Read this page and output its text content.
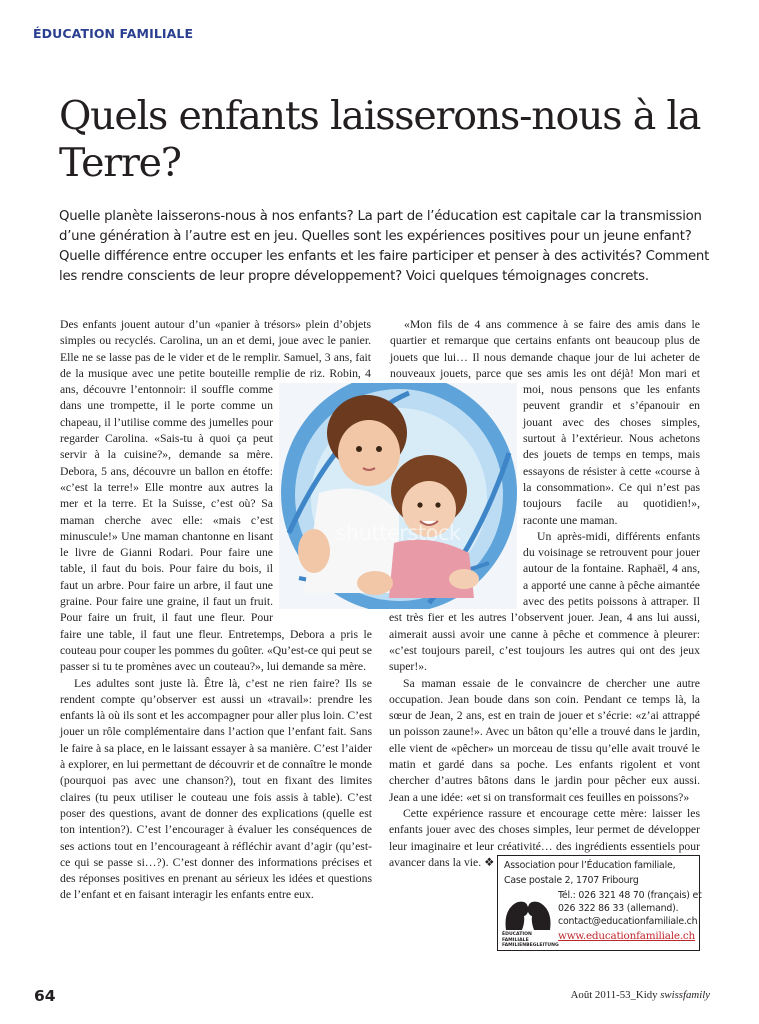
ÉDUCATION FAMILIALE
Quels enfants laisserons-nous à la Terre?

Quelle planète laisserons-nous à nos enfants? La part de l’éducation est capitale car la transmission
d’une génération à l’autre est en jeu. Quelles sont les expériences positives pour un jeune enfant?
Quelle différence entre occuper les enfants et les faire participer et penser à des activités? Comment
les rendre conscients de leur propre développement? Voici quelques témoignages concrets.

Des enfants jouent autour d’un «panier à trésors» plein d’objets simples ou recyclés. Carolina, un an et demi, joue avec le panier. Elle ne se lasse pas de le vider et de le remplir. Samuel, 3 ans, fait de la musique avec une petite bouteille remplie de riz. Robin, 4 ans, découvre l’entonnoir: il souffle comme dans une trompette, il le porte comme un chapeau, il l’utilise comme des jumelles pour regarder Carolina. «Sais-tu à quoi ça peut servir à la cuisine?», demande sa mère. Debora, 5 ans, découvre un ballon en étoffe: «c’est la terre!» Elle montre aux autres la mer et la terre. Et la Suisse, c’est où? Sa maman cherche avec elle: «mais c’est minuscule!» Une maman chantonne en lisant le livre de Gianni Rodari. Pour faire une table, il faut du bois. Pour faire du bois, il faut un arbre. Pour faire un arbre, il faut une graine. Pour faire une graine, il faut un fruit. Pour faire un fruit, il faut une fleur. Pour faire une table, il faut une fleur. Entretemps, Debora a pris le couteau pour couper les pommes du goûter. «Qu’est-ce qui peut se passer si tu te promènes avec un couteau?», lui demande sa mère.

Les adultes sont juste là. Être là, c’est ne rien faire? Ils se rendent compte qu’observer est aussi un «travail»: prendre les enfants là où ils sont et les accompagner pour aller plus loin. C’est jouer un rôle complémentaire dans l’action que l’enfant fait. Sans le faire à sa place, en le laissant essayer à sa manière. C’est l’aider à explorer, en lui permettant de découvrir et de connaître le monde (pourquoi pas avec une chanson?), tout en fixant des limites claires (tu peux utiliser le couteau une fois assis à table). C’est poser des questions, avant de donner des explications (quelle est ton intention?). C’est l’encourager à évaluer les conséquences de ses actions tout en l’encourageant à réfléchir avant d’agir (qu’est-ce qui se passe si…?). C’est donner des informations précises et des réponses positives en prenant au sérieux les idées et questions de l’enfant et en faisant interagir les enfants entre eux.

«Mon fils de 4 ans commence à se faire des amis dans le quartier et remarque que certains enfants ont beaucoup plus de jouets que lui… Il nous demande chaque jour de lui acheter de nouveaux jouets, parce que ses amis les ont déjà! Mon mari et moi, nous pensons que les enfants peuvent grandir et s’épanouir en jouant avec des choses simples, surtout à l’extérieur. Nous achetons des jouets de temps en temps, mais essayons de résister à cette «course à la consommation». Ce qui n’est pas toujours facile au quotidien!», raconte une maman.

Un après-midi, différents enfants du voisinage se retrouvent pour jouer autour de la fontaine. Raphaël, 4 ans, a apporté une canne à pêche aimantée avec des petits poissons à attraper. Il est très fier et les autres l’observent jouer. Jean, 4 ans lui aussi, aimerait aussi avoir une canne à pêche et commence à pleurer: «c’est toujours pareil, c’est toujours les autres qui ont des jeux super!».

Sa maman essaie de le convaincre de chercher une autre occupation. Jean boude dans son coin. Pendant ce temps là, la sœur de Jean, 2 ans, est en train de jouer et s’écrie: «z’ai attrappé un poisson zaune!». Avec un bâton qu’elle a trouvé dans le jardin, elle vient de «pêcher» un morceau de tissu qu’elle avait trouvé le matin et gardé dans sa poche. Les enfants rigolent et vont chercher d’autres bâtons dans le jardin pour pêcher eux aussi. Jean a une idée: «et si on transformait ces feuilles en poissons?»

Cette expérience rassure et encourage cette mère: laisser les enfants jouer avec des choses simples, leur permet de développer leur imaginaire et leur créativité… des ingrédients essentiels pour avancer dans la vie. ❖

shutterstock
Association pour l’Éducation familiale,
Case postale 2, 1707 Fribourg
Tél.: 026 321 48 70 (français) et
026 322 86 33 (allemand).
contact@educationfamiliale.ch
www.educationfamiliale.ch
ÉDUCATION FAMILIALE
FAMILIENBEGLEITUNG
64	Août 2011-53_Kidy swissfamily
